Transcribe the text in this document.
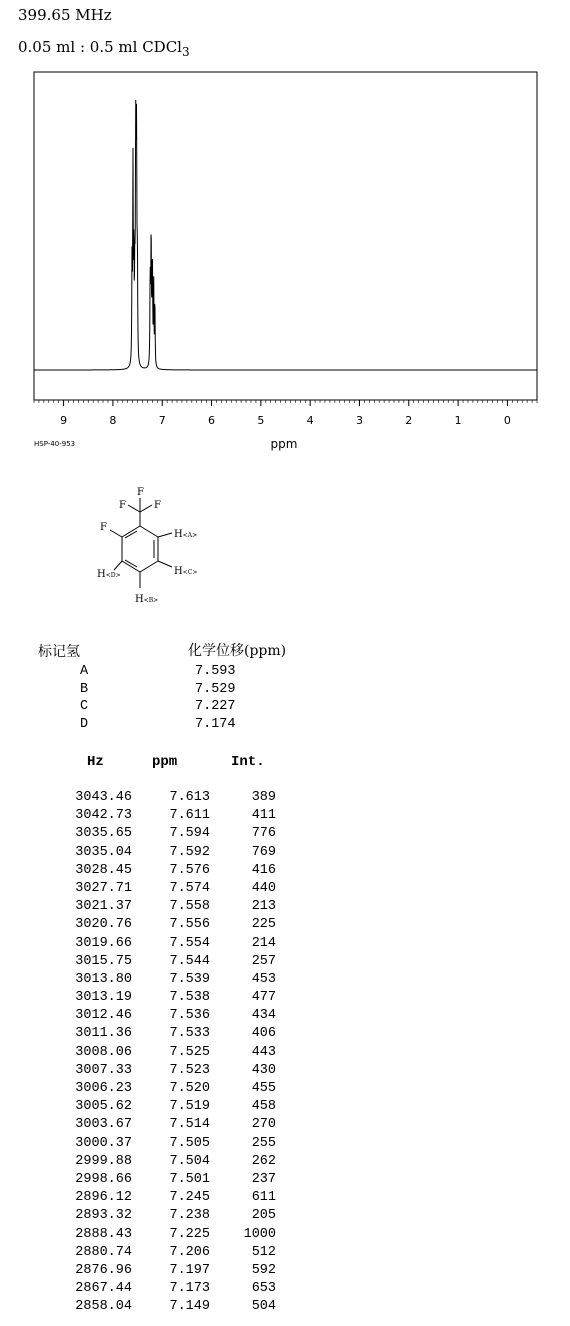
399.65 MHz
0.05 ml : 0.5 ml CDCl$_3$
9	8	7	6	5	4	3	2	1	0
ppm
HSP-40-953
F
F	F
F
H<A>
H<C>
H<D>
H<B>
标记氢	化学位移(ppm)
A	7.593
B	7.529
C	7.227
D	7.174
Hz	ppm	Int.
3043.46	7.613	389
3042.73	7.611	411
3035.65	7.594	776
3035.04	7.592	769
3028.45	7.576	416
3027.71	7.574	440
3021.37	7.558	213
3020.76	7.556	225
3019.66	7.554	214
3015.75	7.544	257
3013.80	7.539	453
3013.19	7.538	477
3012.46	7.536	434
3011.36	7.533	406
3008.06	7.525	443
3007.33	7.523	430
3006.23	7.520	455
3005.62	7.519	458
3003.67	7.514	270
3000.37	7.505	255
2999.88	7.504	262
2998.66	7.501	237
2896.12	7.245	611
2893.32	7.238	205
2888.43	7.225	1000
2880.74	7.206	512
2876.96	7.197	592
2867.44	7.173	653
2858.04	7.149	504
